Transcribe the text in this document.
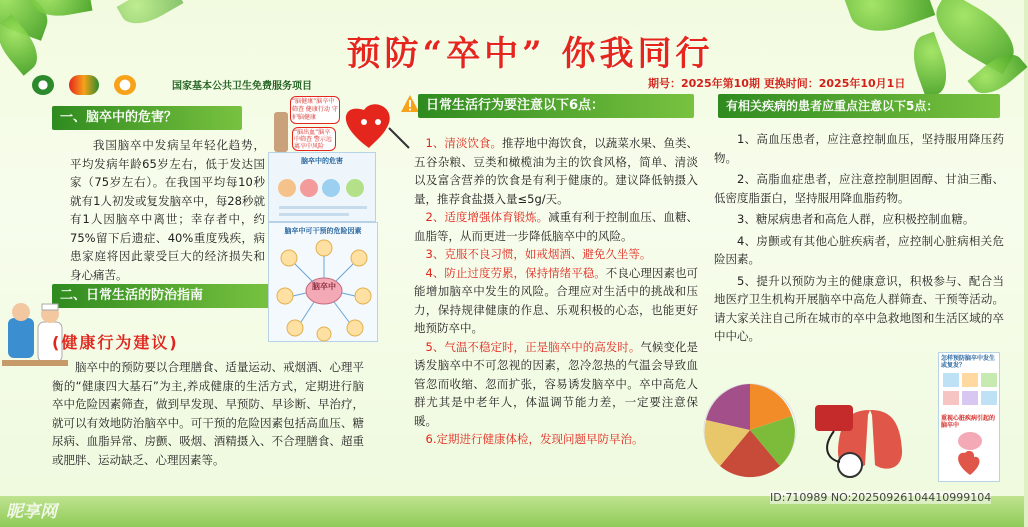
预防“卒中” 你我同行

国家基本公共卫生免费服务项目	期号：2025年第10期 更换时间：2025年10月1日
一、脑卒中的危害？
我国脑卒中发病呈年轻化趋势，平均发病年龄65岁左右，低于发达国家（75岁左右）。在我国平均每10秒就有1人初发或复发脑卒中，每28秒就有1人因脑卒中离世；幸存者中，约75%留下后遗症、40%重度残疾，病患家庭将因此蒙受巨大的经济损失和身心痛苦。
二、日常生活的防治指南
(健康行为建议)
脑卒中的预防要以合理膳食、适量运动、戒烟酒、心理平衡的“健康四大基石”为主,养成健康的生活方式，定期进行脑卒中危险因素筛查，做到早发现、早预防、早诊断、早治疗，就可以有效地防治脑卒中。可干预的危险因素包括高血压、糖尿病、血脂异常、房颤、吸烟、酒精摄入、不合理膳食、超重或肥胖、运动缺乏、心理因素等。
“脑健康”脑卒中筛查 健康行动 守护脑健康
“脑出血”脑卒中筛查 警示远离卒中风险
脑卒中的危害
脑卒中可干预的危险因素
脑卒中
日常生活行为要注意以下6点：
1、清淡饮食。推荐地中海饮食，以蔬菜水果、鱼类、五谷杂粮、豆类和橄榄油为主的饮食风格，简单、清淡以及富含营养的饮食是有利于健康的。建议降低钠摄入量，推荐食盐摄入量≤5g/天。
2、适度增强体育锻炼。减重有利于控制血压、血糖、血脂等，从而更进一步降低脑卒中的风险。
3、克服不良习惯，如戒烟酒、避免久坐等。
4、防止过度劳累，保持情绪平稳。不良心理因素也可能增加脑卒中发生的风险。合理应对生活中的挑战和压力，保持规律健康的作息、乐观积极的心态，也能更好地预防卒中。
5、气温不稳定时，正是脑卒中的高发时。气候变化是诱发脑卒中不可忽视的因素，忽冷忽热的气温会导致血管忽而收缩、忽而扩张，容易诱发脑卒中。卒中高危人群尤其是中老年人，体温调节能力差，一定要注意保暖。
6.定期进行健康体检，发现问题早防早治。
有相关疾病的患者应重点注意以下5点：
1、高血压患者，应注意控制血压，坚持服用降压药物。
2、高脂血症患者，应注意控制胆固醇、甘油三酯、低密度脂蛋白，坚持服用降血脂药物。
3、糖尿病患者和高危人群，应积极控制血糖。
4、房颤或有其他心脏疾病者，应控制心脏病相关危险因素。
5、提升以预防为主的健康意识，积极参与、配合当地医疗卫生机构开展脑卒中高危人群筛查、干预等活动。请大家关注自己所在城市的卒中急救地图和生活区域的卒中中心。
怎样预防脑卒中发生或复发？
重视心脏疾病引起的脑卒中
昵享网
ID:710989 NO:20250926104410999104
